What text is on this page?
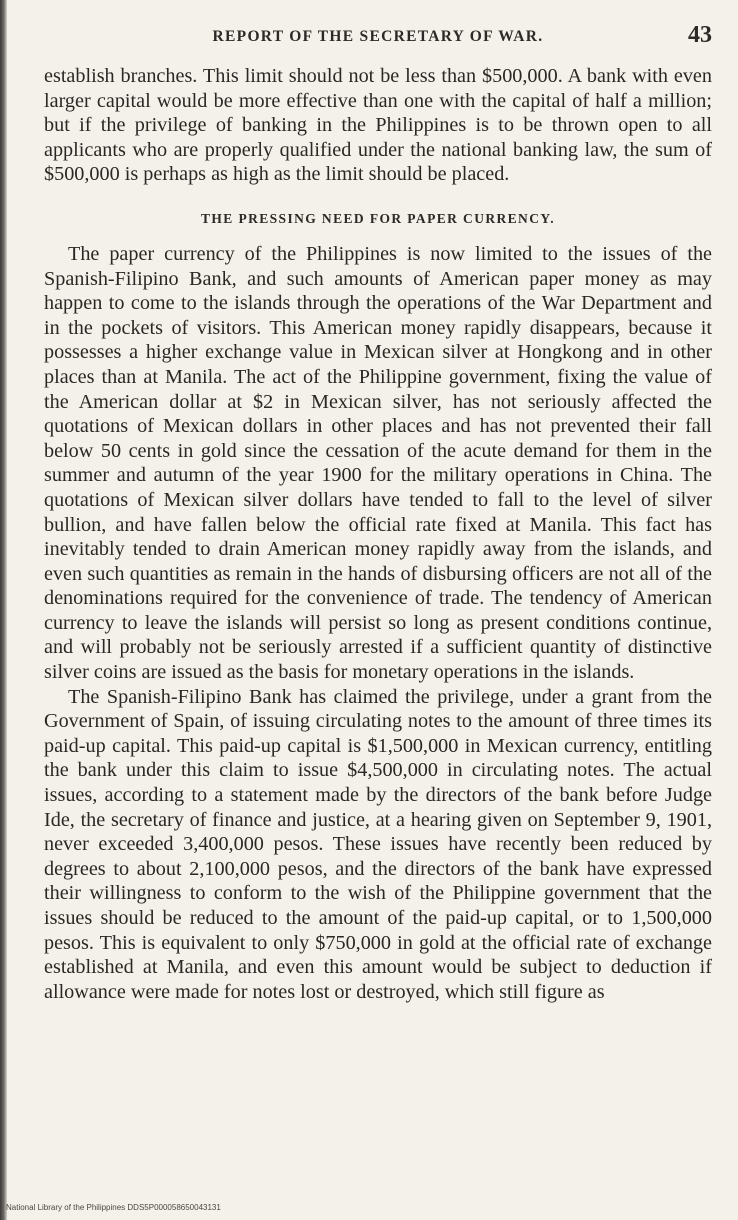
REPORT OF THE SECRETARY OF WAR.	43

establish branches. This limit should not be less than $500,000. A bank with even larger capital would be more effective than one with the capital of half a million; but if the privilege of banking in the Philippines is to be thrown open to all applicants who are properly qualified under the national banking law, the sum of $500,000 is perhaps as high as the limit should be placed.

THE PRESSING NEED FOR PAPER CURRENCY.

The paper currency of the Philippines is now limited to the issues of the Spanish-Filipino Bank, and such amounts of American paper money as may happen to come to the islands through the operations of the War Department and in the pockets of visitors. This American money rapidly disappears, because it possesses a higher exchange value in Mexican silver at Hongkong and in other places than at Manila. The act of the Philippine government, fixing the value of the American dollar at $2 in Mexican silver, has not seriously affected the quotations of Mexican dollars in other places and has not prevented their fall below 50 cents in gold since the cessation of the acute demand for them in the summer and autumn of the year 1900 for the military operations in China. The quotations of Mexican silver dollars have tended to fall to the level of silver bullion, and have fallen below the official rate fixed at Manila. This fact has inevitably tended to drain American money rapidly away from the islands, and even such quantities as remain in the hands of disbursing officers are not all of the denominations required for the convenience of trade. The tendency of American currency to leave the islands will persist so long as present conditions continue, and will probably not be seriously arrested if a sufficient quantity of distinctive silver coins are issued as the basis for monetary operations in the islands.

The Spanish-Filipino Bank has claimed the privilege, under a grant from the Government of Spain, of issuing circulating notes to the amount of three times its paid-up capital. This paid-up capital is $1,500,000 in Mexican currency, entitling the bank under this claim to issue $4,500,000 in circulating notes. The actual issues, according to a statement made by the directors of the bank before Judge Ide, the secretary of finance and justice, at a hearing given on September 9, 1901, never exceeded 3,400,000 pesos. These issues have recently been reduced by degrees to about 2,100,000 pesos, and the directors of the bank have expressed their willingness to conform to the wish of the Philippine government that the issues should be reduced to the amount of the paid-up capital, or to 1,500,000 pesos. This is equivalent to only $750,000 in gold at the official rate of exchange established at Manila, and even this amount would be subject to deduction if allowance were made for notes lost or destroyed, which still figure as

National Library of the Philippines DDS5P000058650043131
